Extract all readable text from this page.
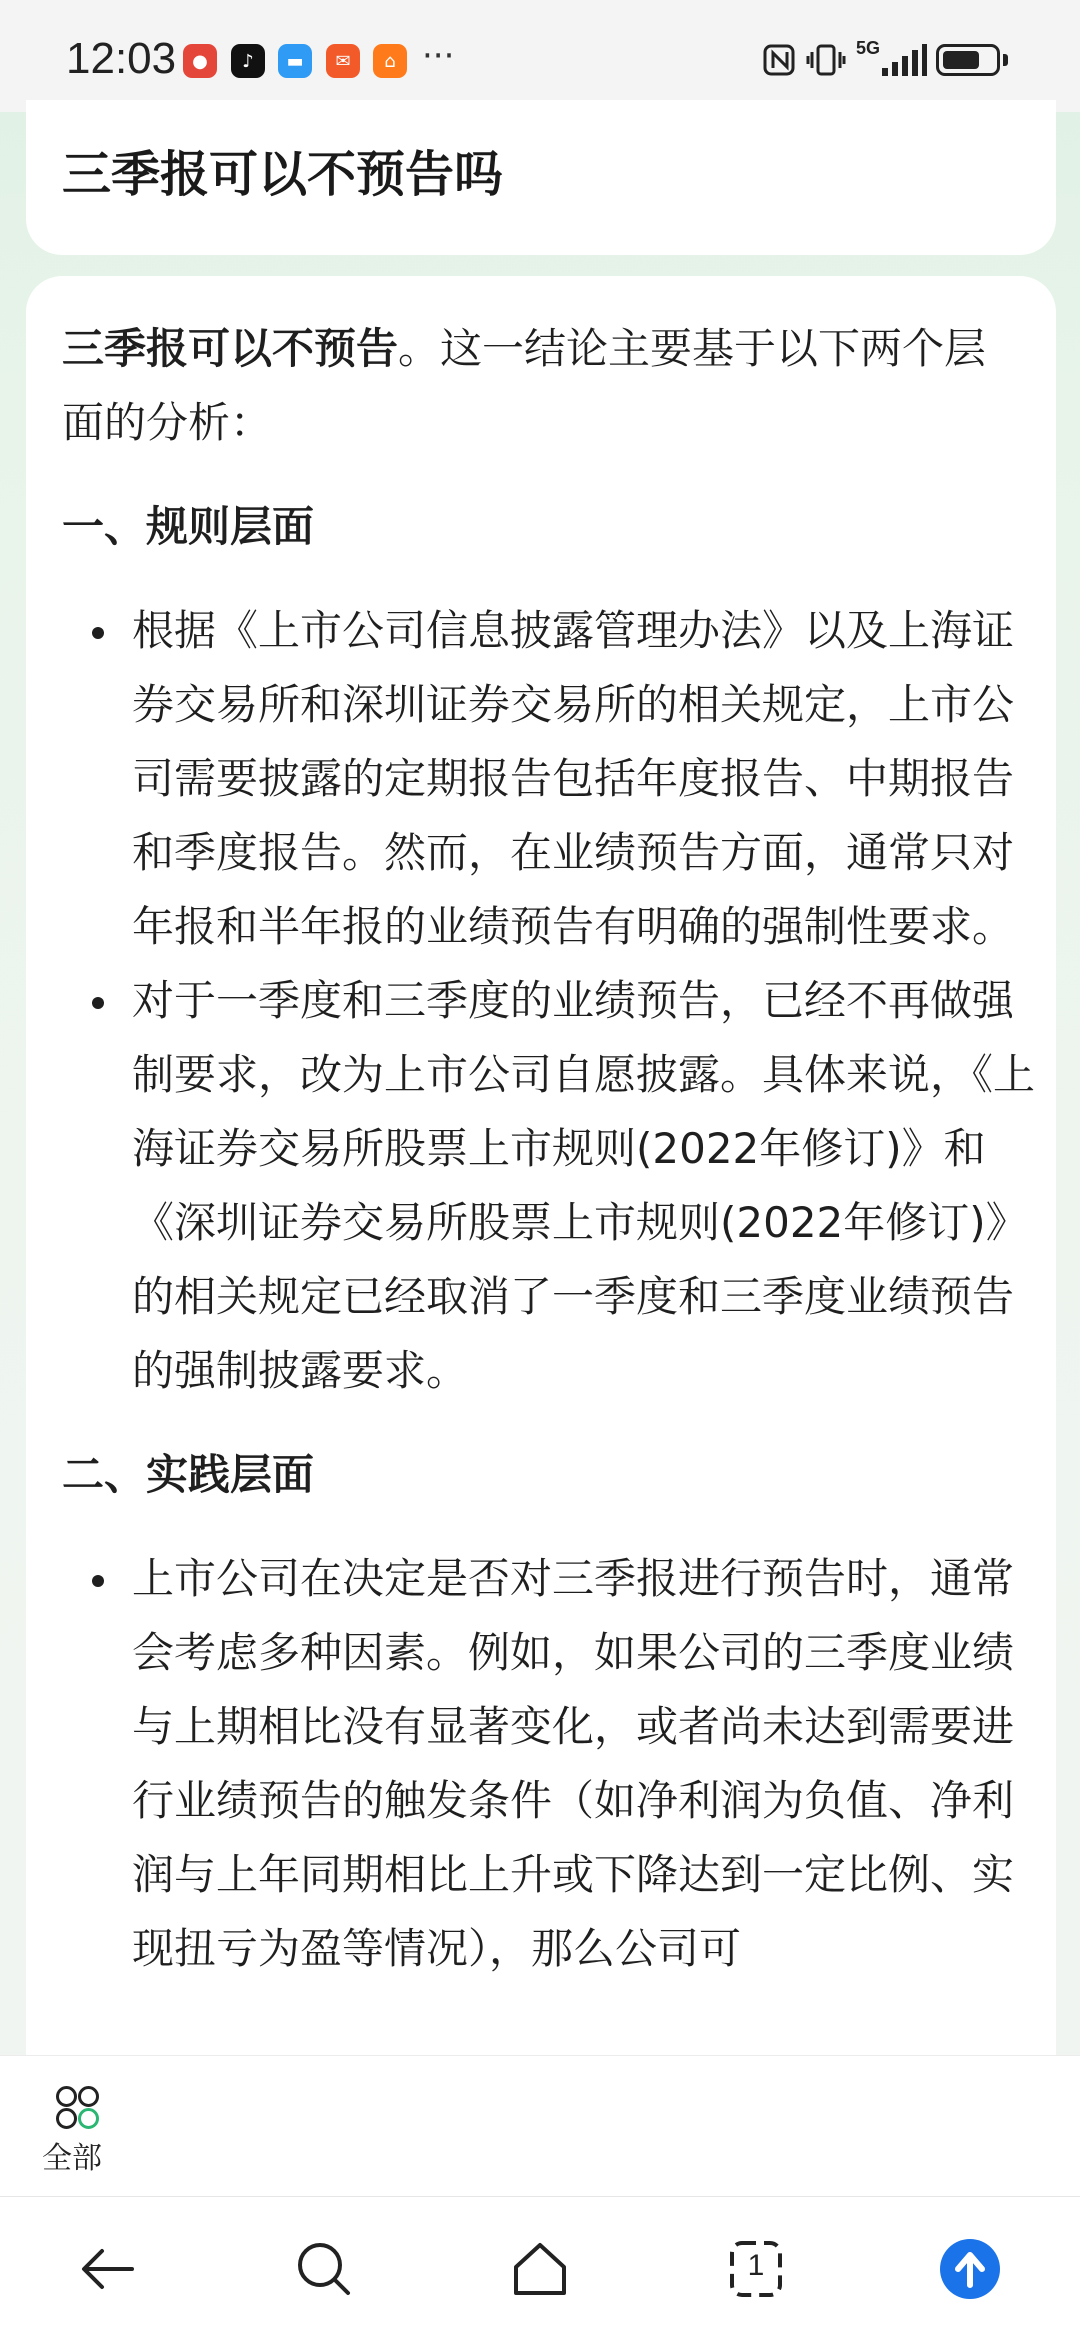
12:03 ●	♪	▬	✉	⌂ ···	5G
三季报可以不预告吗

三季报可以不预告。这一结论主要基于以下两个层面的分析：

一、规则层面
根据《上市公司信息披露管理办法》以及上海证券交易所和深圳证券交易所的相关规定，上市公司需要披露的定期报告包括年度报告、中期报告和季度报告。然而，在业绩预告方面，通常只对年报和半年报的业绩预告有明确的强制性要求。
对于一季度和三季度的业绩预告，已经不再做强制要求，改为上市公司自愿披露。具体来说，《上海证券交易所股票上市规则(2022年修订)》和《深圳证券交易所股票上市规则(2022年修订)》的相关规定已经取消了一季度和三季度业绩预告的强制披露要求。
二、实践层面
上市公司在决定是否对三季报进行预告时，通常会考虑多种因素。例如，如果公司的三季度业绩与上期相比没有显著变化，或者尚未达到需要进行业绩预告的触发条件（如净利润为负值、净利润与上年同期相比上升或下降达到一定比例、实现扭亏为盈等情况），那么公司可
全部
1
